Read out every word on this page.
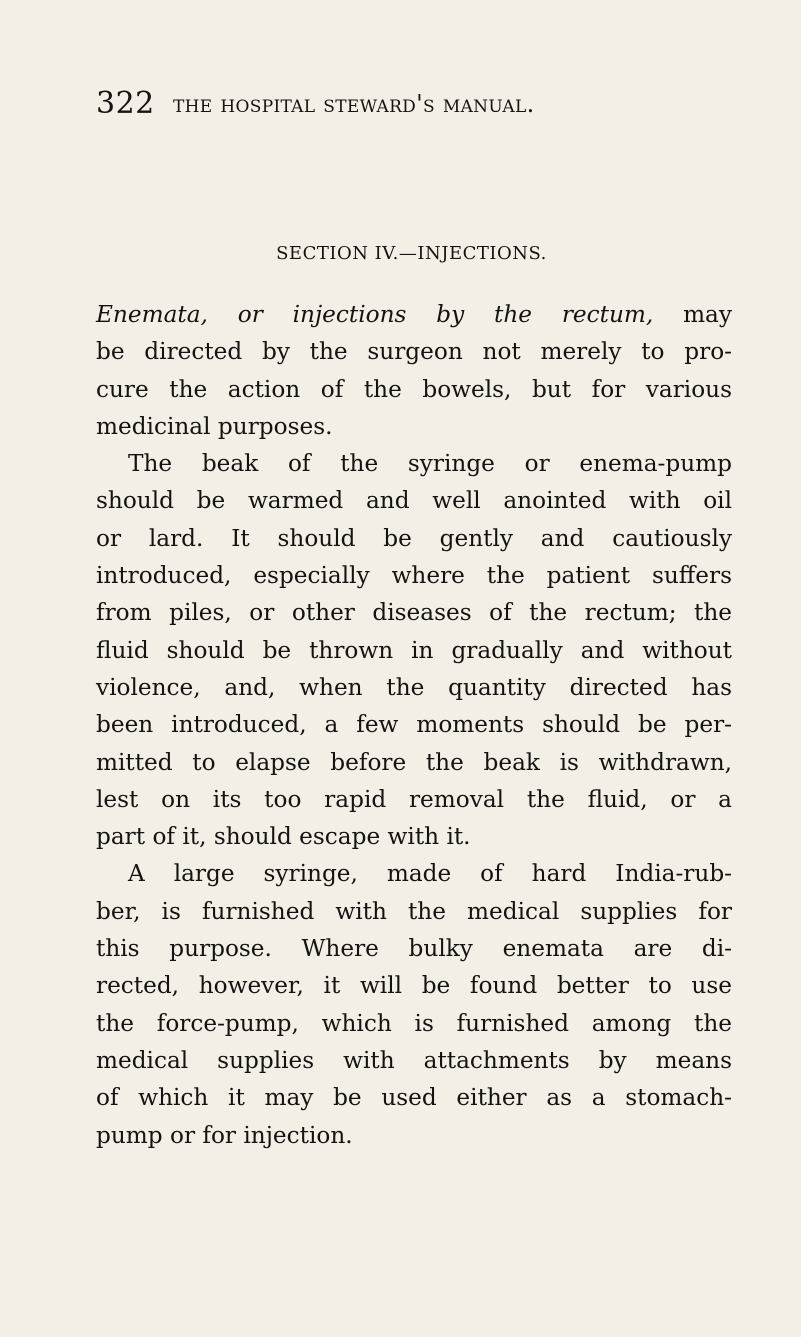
322 the hospital steward's manual.
SECTION IV.—INJECTIONS.
Enemata, or injections by the rectum, may
be directed by the surgeon not merely to pro-
cure the action of the bowels, but for various
medicinal purposes.
The beak of the syringe or enema-pump
should be warmed and well anointed with oil
or lard. It should be gently and cautiously
introduced, especially where the patient suffers
from piles, or other diseases of the rectum; the
fluid should be thrown in gradually and without
violence, and, when the quantity directed has
been introduced, a few moments should be per-
mitted to elapse before the beak is withdrawn,
lest on its too rapid removal the fluid, or a
part of it, should escape with it.
A large syringe, made of hard India-rub-
ber, is furnished with the medical supplies for
this purpose. Where bulky enemata are di-
rected, however, it will be found better to use
the force-pump, which is furnished among the
medical supplies with attachments by means
of which it may be used either as a stomach-
pump or for injection.
